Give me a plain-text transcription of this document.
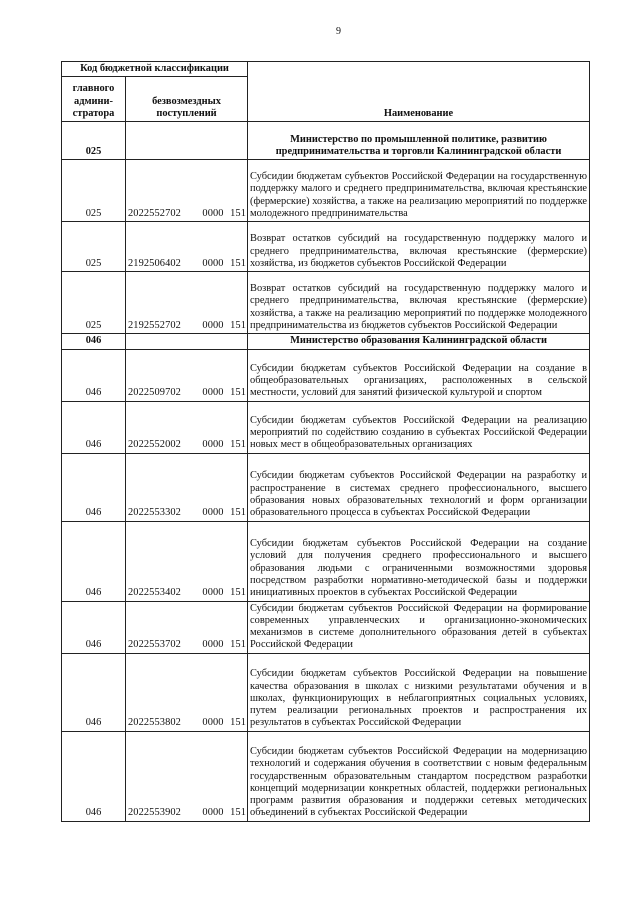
9
Код бюджетной классификации		Наименование
главного
админи-
стратора	безвозмездных
поступлений	
025		Министерство по промышленной политике, развитию предпринимательства и торговли Калининградской области
025	2022552702 0000 151	Субсидии бюджетам субъектов Российской Федерации на государственную поддержку малого и среднего предпринимательства, включая крестьянские (фермерские) хозяйства, а также на реализацию мероприятий по поддержке молодежного предпринимательства
025	2192506402 0000 151	Возврат остатков субсидий на государственную поддержку малого и среднего предпринимательства, включая крестьянские (фермерские) хозяйства, из бюджетов субъектов Российской Федерации
025	2192552702 0000 151	Возврат остатков субсидий на государственную поддержку малого и среднего предпринимательства, включая крестьянские (фермерские) хозяйства, а также на реализацию мероприятий по поддержке молодежного предпринимательства из бюджетов субъектов Российской Федерации
046		Министерство образования Калининградской области
046	2022509702 0000 151	Субсидии бюджетам субъектов Российской Федерации на создание в общеобразовательных организациях, расположенных в сельской местности, условий для занятий физической культурой и спортом
046	2022552002 0000 151	Субсидии бюджетам субъектов Российской Федерации на реализацию мероприятий по содействию созданию в субъектах Российской Федерации новых мест в общеобразовательных организациях
046	2022553302 0000 151	Субсидии бюджетам субъектов Российской Федерации на разработку и распространение в системах среднего профессионального, высшего образования новых образовательных технологий и форм организации образовательного процесса в субъектах Российской Федерации
046	2022553402 0000 151	Субсидии бюджетам субъектов Российской Федерации на создание условий для получения среднего профессионального и высшего образования людьми с ограниченными возможностями здоровья посредством разработки нормативно-методической базы и поддержки инициативных проектов в субъектах Российской Федерации
046	2022553702 0000 151	Субсидии бюджетам субъектов Российской Федерации на формирование современных управленческих и организационно-экономических механизмов в системе дополнительного образования детей в субъектах Российской Федерации
046	2022553802 0000 151	Субсидии бюджетам субъектов Российской Федерации на повышение качества образования в школах с низкими результатами обучения и в школах, функционирующих в неблагоприятных социальных условиях, путем реализации региональных проектов и распространения их результатов в субъектах Российской Федерации
046	2022553902 0000 151	Субсидии бюджетам субъектов Российской Федерации на модернизацию технологий и содержания обучения в соответствии с новым федеральным государственным образовательным стандартом посредством разработки концепций модернизации конкретных областей, поддержки региональных программ развития образования и поддержки сетевых методических объединений в субъектах Российской Федерации
